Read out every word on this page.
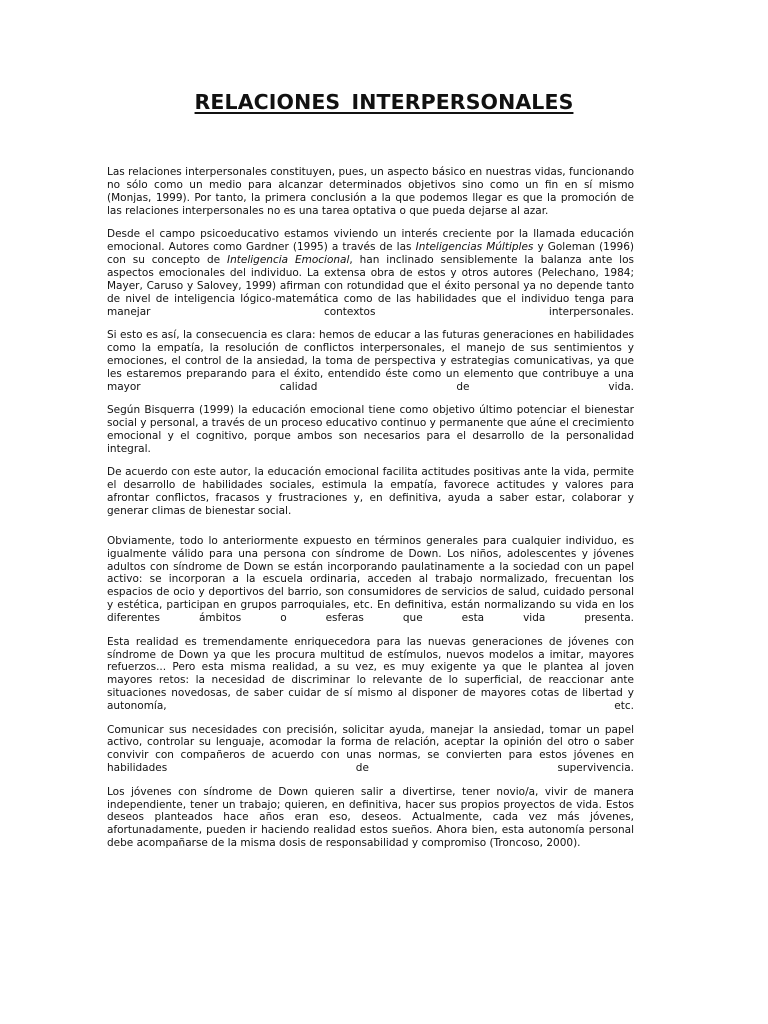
RELACIONES INTERPERSONALES

Las relaciones interpersonales constituyen, pues, un aspecto básico en nuestras vidas, funcionando no sólo como un medio para alcanzar determinados objetivos sino como un fin en sí mismo (Monjas, 1999). Por tanto, la primera conclusión a la que podemos llegar es que la promoción de las relaciones interpersonales no es una tarea optativa o que pueda dejarse al azar.

Desde el campo psicoeducativo estamos viviendo un interés creciente por la llamada educación emocional. Autores como Gardner (1995) a través de las Inteligencias Múltiples y Goleman (1996) con su concepto de Inteligencia Emocional, han inclinado sensiblemente la balanza ante los aspectos emocionales del individuo. La extensa obra de estos y otros autores (Pelechano, 1984; Mayer, Caruso y Salovey, 1999) afirman con rotundidad que el éxito personal ya no depende tanto de nivel de inteligencia lógico-matemática como de las habilidades que el individuo tenga para manejar contextos interpersonales.

Si esto es así, la consecuencia es clara: hemos de educar a las futuras generaciones en habilidades como la empatía, la resolución de conflictos interpersonales, el manejo de sus sentimientos y emociones, el control de la ansiedad, la toma de perspectiva y estrategias comunicativas, ya que les estaremos preparando para el éxito, entendido éste como un elemento que contribuye a una mayor calidad de vida.

Según Bisquerra (1999) la educación emocional tiene como objetivo último potenciar el bienestar social y personal, a través de un proceso educativo continuo y permanente que aúne el crecimiento emocional y el cognitivo, porque ambos son necesarios para el desarrollo de la personalidad integral.

De acuerdo con este autor, la educación emocional facilita actitudes positivas ante la vida, permite el desarrollo de habilidades sociales, estimula la empatía, favorece actitudes y valores para afrontar conflictos, fracasos y frustraciones y, en definitiva, ayuda a saber estar, colaborar y generar climas de bienestar social.

Obviamente, todo lo anteriormente expuesto en términos generales para cualquier individuo, es igualmente válido para una persona con síndrome de Down. Los niños, adolescentes y jóvenes adultos con síndrome de Down se están incorporando paulatinamente a la sociedad con un papel activo: se incorporan a la escuela ordinaria, acceden al trabajo normalizado, frecuentan los espacios de ocio y deportivos del barrio, son consumidores de servicios de salud, cuidado personal y estética, participan en grupos parroquiales, etc. En definitiva, están normalizando su vida en los diferentes ámbitos o esferas que esta vida presenta.

Esta realidad es tremendamente enriquecedora para las nuevas generaciones de jóvenes con síndrome de Down ya que les procura multitud de estímulos, nuevos modelos a imitar, mayores refuerzos... Pero esta misma realidad, a su vez, es muy exigente ya que le plantea al joven mayores retos: la necesidad de discriminar lo relevante de lo superficial, de reaccionar ante situaciones novedosas, de saber cuidar de sí mismo al disponer de mayores cotas de libertad y autonomía, etc.

Comunicar sus necesidades con precisión, solicitar ayuda, manejar la ansiedad, tomar un papel activo, controlar su lenguaje, acomodar la forma de relación, aceptar la opinión del otro o saber convivir con compañeros de acuerdo con unas normas, se convierten para estos jóvenes en habilidades de supervivencia.

Los jóvenes con síndrome de Down quieren salir a divertirse, tener novio/a, vivir de manera independiente, tener un trabajo; quieren, en definitiva, hacer sus propios proyectos de vida. Estos deseos planteados hace años eran eso, deseos. Actualmente, cada vez más jóvenes, afortunadamente, pueden ir haciendo realidad estos sueños. Ahora bien, esta autonomía personal debe acompañarse de la misma dosis de responsabilidad y compromiso (Troncoso, 2000).
